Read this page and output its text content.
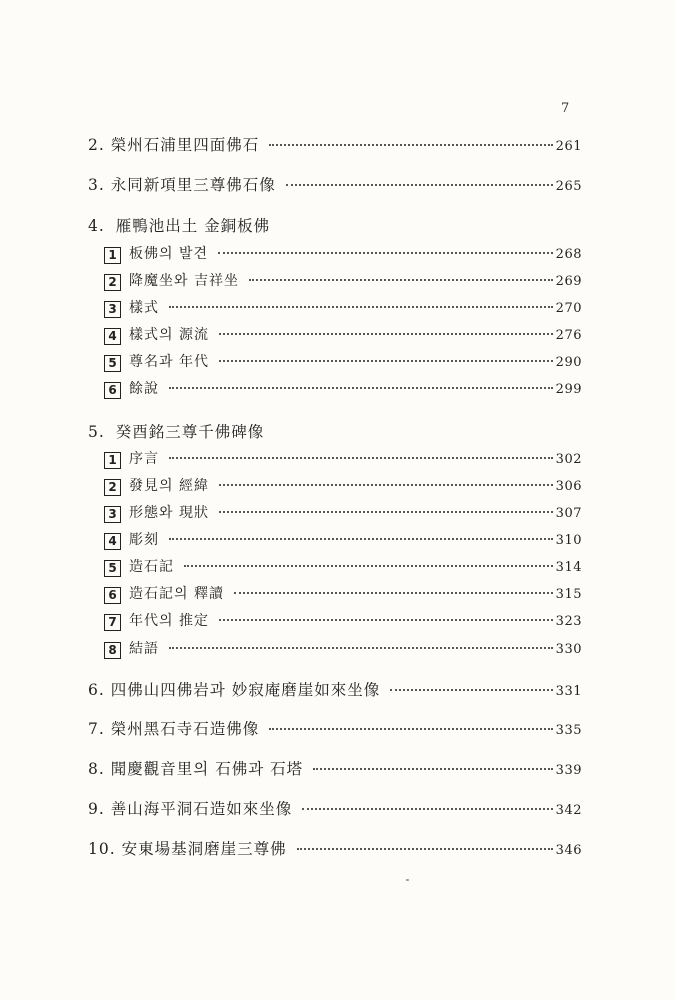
7
2. 榮州石浦里四面佛石	261
3. 永同新項里三尊佛石像	265
4. 雁鴨池出土 金銅板佛
1 板佛의 발견	268
2 降魔坐와 吉祥坐	269
3 樣式	270
4 樣式의 源流	276
5 尊名과 年代	290
6 餘說	299
5. 癸酉銘三尊千佛碑像
1 序言	302
2 發見의 經緯	306
3 形態와 現狀	307
4 彫刻	310
5 造石記	314
6 造石記의 釋讀	315
7 年代의 推定	323
8 結語	330
6. 四佛山四佛岩과 妙寂庵磨崖如來坐像	331
7. 榮州黑石寺石造佛像	335
8. 聞慶觀音里의 石佛과 石塔	339
9. 善山海平洞石造如來坐像	342
10. 安東場基洞磨崖三尊佛	346
